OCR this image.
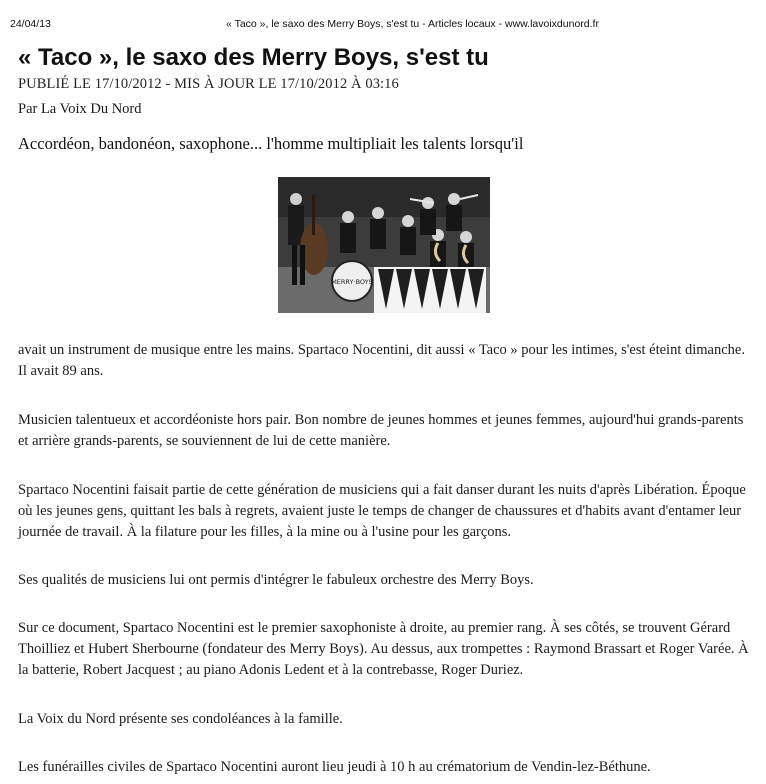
24/04/13	« Taco », le saxo des Merry Boys, s'est tu - Articles locaux - www.lavoixdunord.fr
« Taco », le saxo des Merry Boys, s'est tu
PUBLIÉ LE 17/10/2012 - MIS À JOUR LE 17/10/2012 À 03:16
Par La Voix Du Nord
Accordéon, bandonéon, saxophone... l'homme multipliait les talents lorsqu'il
MERRY·BOYS

avait un instrument de musique entre les mains. Spartaco Nocentini, dit aussi « Taco » pour les intimes, s'est éteint dimanche. Il avait 89 ans.

Musicien talentueux et accordéoniste hors pair. Bon nombre de jeunes hommes et jeunes femmes, aujourd'hui grands-parents et arrière grands-parents, se souviennent de lui de cette manière.

Spartaco Nocentini faisait partie de cette génération de musiciens qui a fait danser durant les nuits d'après Libération. Époque où les jeunes gens, quittant les bals à regrets, avaient juste le temps de changer de chaussures et d'habits avant d'entamer leur journée de travail. À la filature pour les filles, à la mine ou à l'usine pour les garçons.

Ses qualités de musiciens lui ont permis d'intégrer le fabuleux orchestre des Merry Boys.

Sur ce document, Spartaco Nocentini est le premier saxophoniste à droite, au premier rang. À ses côtés, se trouvent Gérard Thoilliez et Hubert Sherbourne (fondateur des Merry Boys). Au dessus, aux trompettes : Raymond Brassart et Roger Varée. À la batterie, Robert Jacquest ; au piano Adonis Ledent et à la contrebasse, Roger Duriez.

La Voix du Nord présente ses condoléances à la famille.

Les funérailles civiles de Spartaco Nocentini auront lieu jeudi à 10 h au crématorium de Vendin-lez-Béthune.
